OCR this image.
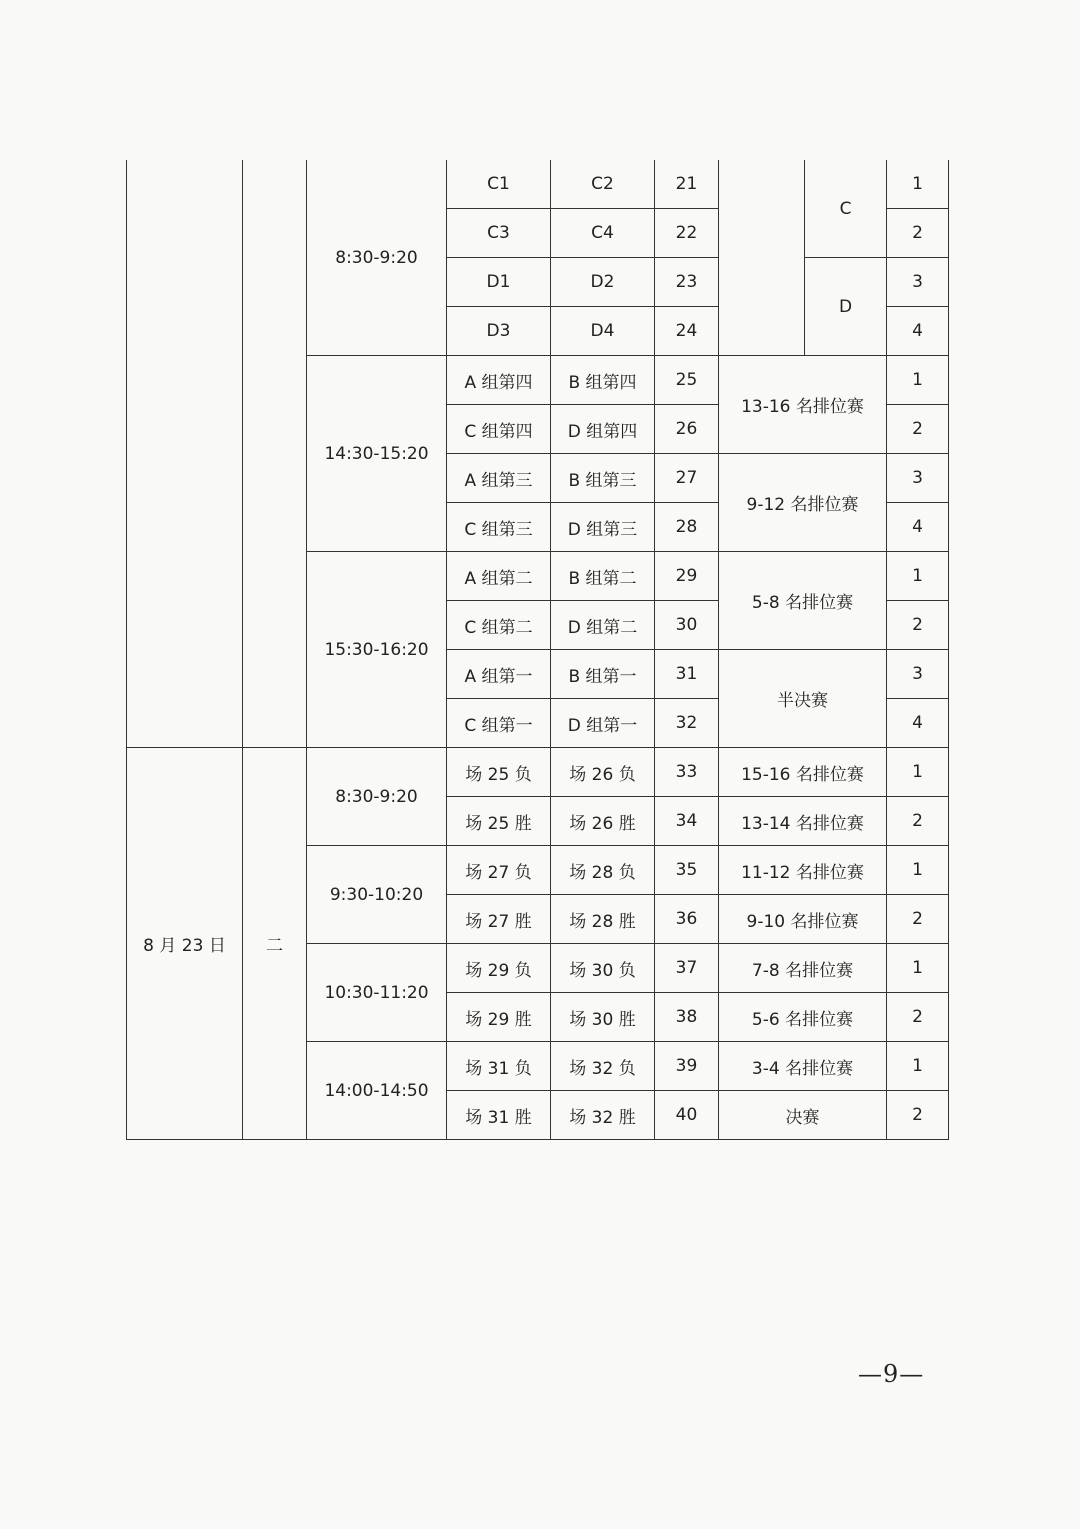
		8:30-9:20	C1	C2	21		C	1
			C3	C4	22			2
			D1	D2	23		D	3
			D3	D4	24			4
		14:30-15:20	A 组第四	B 组第四	25	13-16 名排位赛		1
			C 组第四	D 组第四	26			2
			A 组第三	B 组第三	27	9-12 名排位赛		3
			C 组第三	D 组第三	28			4
		15:30-16:20	A 组第二	B 组第二	29	5-8 名排位赛		1
			C 组第二	D 组第二	30			2
			A 组第一	B 组第一	31	半决赛		3
			C 组第一	D 组第一	32			4
8 月 23 日	二	8:30-9:20	场 25 负	场 26 负	33	15-16 名排位赛		1
			场 25 胜	场 26 胜	34	13-14 名排位赛		2
		9:30-10:20	场 27 负	场 28 负	35	11-12 名排位赛		1
			场 27 胜	场 28 胜	36	9-10 名排位赛		2
		10:30-11:20	场 29 负	场 30 负	37	7-8 名排位赛		1
			场 29 胜	场 30 胜	38	5-6 名排位赛		2
		14:00-14:50	场 31 负	场 32 负	39	3-4 名排位赛		1
			场 31 胜	场 32 胜	40	决赛		2
—9—
